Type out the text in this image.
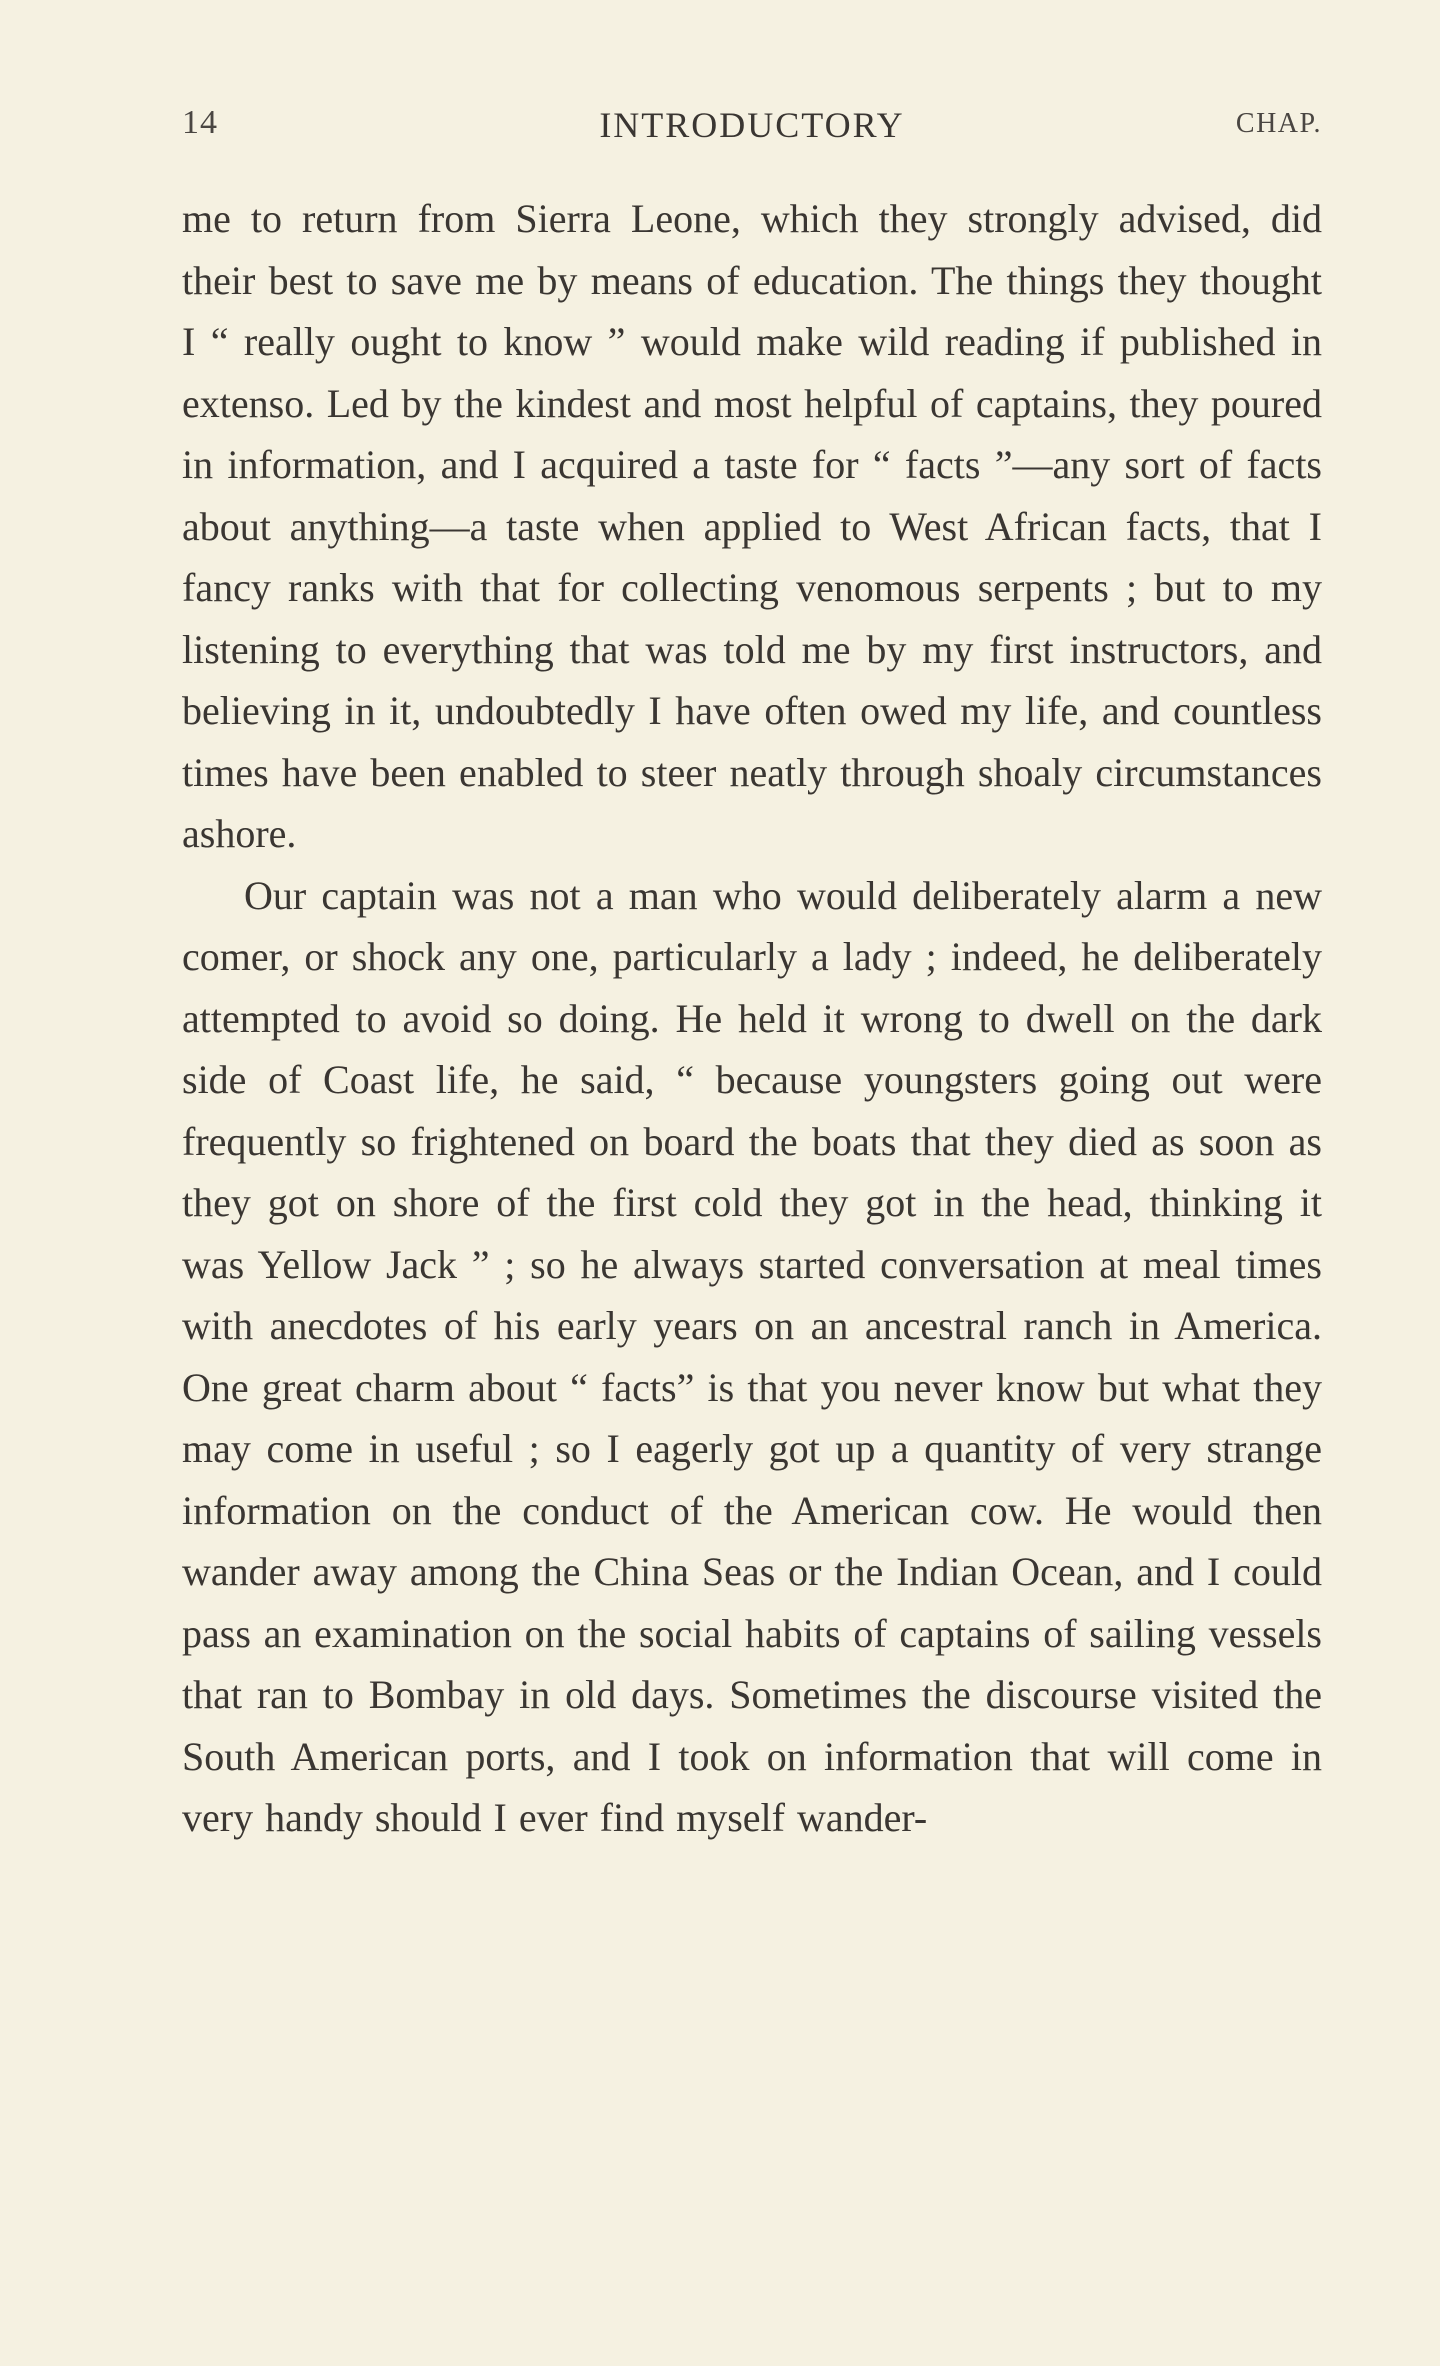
14	INTRODUCTORY	CHAP.

me to return from Sierra Leone, which they strongly advised, did their best to save me by means of education. The things they thought I “ really ought to know ” would make wild reading if published in extenso. Led by the kindest and most helpful of captains, they poured in information, and I acquired a taste for “ facts ”—any sort of facts about anything—a taste when applied to West African facts, that I fancy ranks with that for collecting venomous serpents ; but to my listening to everything that was told me by my first instructors, and believing in it, undoubtedly I have often owed my life, and countless times have been enabled to steer neatly through shoaly circumstances ashore.

Our captain was not a man who would deliberately alarm a new comer, or shock any one, particularly a lady ; indeed, he deliberately attempted to avoid so doing. He held it wrong to dwell on the dark side of Coast life, he said, “ because youngsters going out were frequently so frightened on board the boats that they died as soon as they got on shore of the first cold they got in the head, thinking it was Yellow Jack ” ; so he always started conversation at meal times with anecdotes of his early years on an ancestral ranch in America. One great charm about “ facts” is that you never know but what they may come in useful ; so I eagerly got up a quantity of very strange information on the conduct of the American cow. He would then wander away among the China Seas or the Indian Ocean, and I could pass an examination on the social habits of captains of sailing vessels that ran to Bombay in old days. Sometimes the discourse visited the South American ports, and I took on information that will come in very handy should I ever find myself wander-
